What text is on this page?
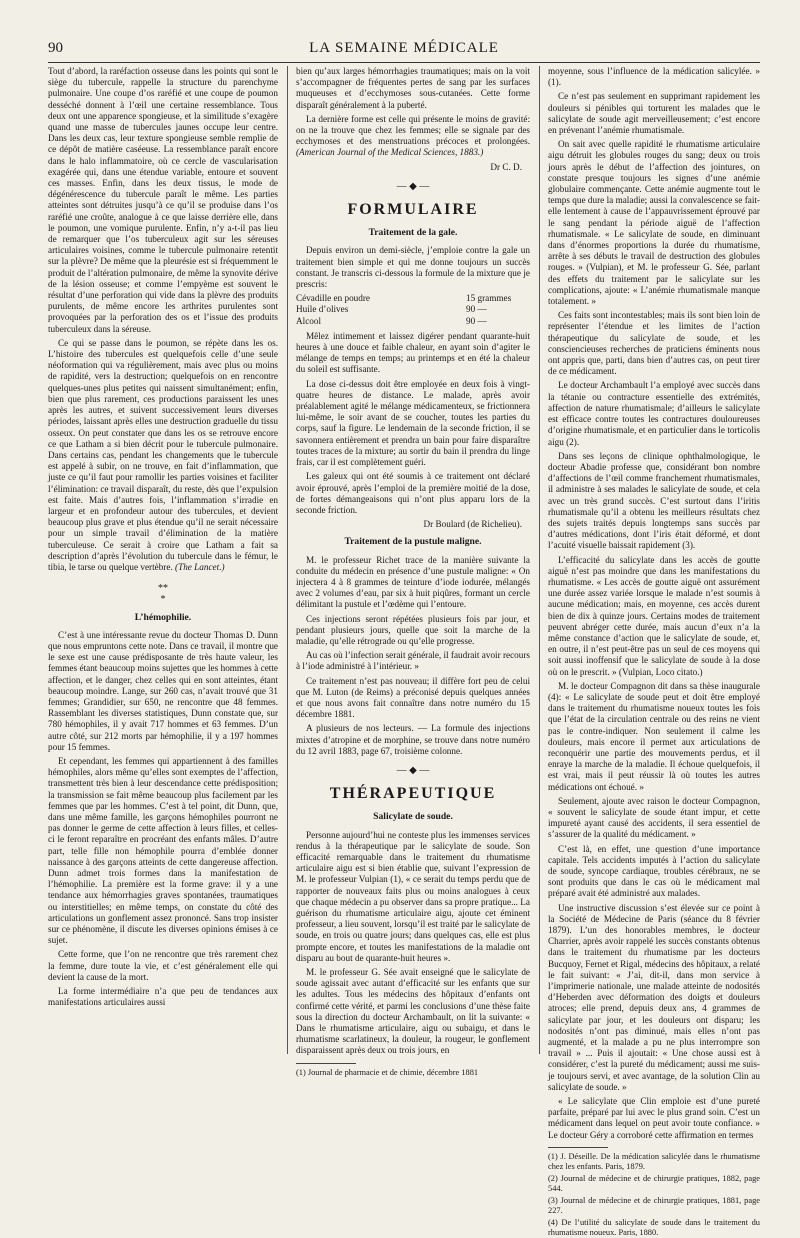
90	LA SEMAINE MÉDICALE

Tout d’abord, la raréfaction osseuse dans les points qui sont le siège du tubercule, rappelle la structure du parenchyme pulmonaire. Une coupe d’os raréfié et une coupe de poumon desséché donnent à l’œil une certaine ressemblance. Tous deux ont une apparence spongieuse, et la similitude s’exagère quand une masse de tubercules jaunes occupe leur centre. Dans les deux cas, leur texture spongieuse semble remplie de ce dépôt de matière caséeuse. La ressemblance paraît encore dans le halo inflammatoire, où ce cercle de vascularisation exagérée qui, dans une étendue variable, entoure et souvent ces masses. Enfin, dans les deux tissus, le mode de dégénérescence du tubercule paraît le même. Les parties atteintes sont détruites jusqu’à ce qu’il se produise dans l’os raréfié une croûte, analogue à ce que laisse derrière elle, dans le poumon, une vomique purulente. Enfin, n’y a-t-il pas lieu de remarquer que l’os tuberculeux agit sur les séreuses articulaires voisines, comme le tubercule pulmonaire retentit sur la plèvre? De même que la pleurésie est si fréquemment le produit de l’altération pulmonaire, de même la synovite dérive de la lésion osseuse; et comme l’empyème est souvent le résultat d’une perforation qui vide dans la plèvre des produits purulents, de même encore les arthrites purulentes sont provoquées par la perforation des os et l’issue des produits tuberculeux dans la séreuse.

Ce qui se passe dans le poumon, se répète dans les os. L’histoire des tubercules est quelquefois celle d’une seule néoformation qui va régulièrement, mais avec plus ou moins de rapidité, vers la destruction; quelquefois on en rencontre quelques-unes plus petites qui naissent simultanément; enfin, bien que plus rarement, ces productions paraissent les unes après les autres, et suivent successivement leurs diverses périodes, laissant après elles une destruction graduelle du tissu osseux. On peut constater que dans les os se retrouve encore ce que Latham a si bien décrit pour le tubercule pulmonaire. Dans certains cas, pendant les changements que le tubercule est appelé à subir, on ne trouve, en fait d’inflammation, que juste ce qu’il faut pour ramollir les parties voisines et faciliter l’élimination: ce travail disparaît, du reste, dès que l’expulsion est faite. Mais d’autres fois, l’inflammation s’irradie en largeur et en profondeur autour des tubercules, et devient beaucoup plus grave et plus étendue qu’il ne serait nécessaire pour un simple travail d’élimination de la matière tuberculeuse. Ce serait à croire que Latham a fait sa description d’après l’évolution du tubercule dans le fémur, le tibia, le tarse ou quelque vertèbre. (The Lancet.)

**
*
L’hémophilie.

C’est à une intéressante revue du docteur Thomas D. Dunn que nous empruntons cette note. Dans ce travail, il montre que le sexe est une cause prédisposante de très haute valeur, les femmes étant beaucoup moins sujettes que les hommes à cette affection, et le danger, chez celles qui en sont atteintes, étant beaucoup moindre. Lange, sur 260 cas, n’avait trouvé que 31 femmes; Grandidier, sur 650, ne rencontre que 48 femmes. Rassemblant les diverses statistiques, Dunn constate que, sur 780 hémophiles, il y avait 717 hommes et 63 femmes. D’un autre côté, sur 212 morts par hémophilie, il y a 197 hommes pour 15 femmes.

Et cependant, les femmes qui appartiennent à des familles hémophiles, alors même qu’elles sont exemptes de l’affection, transmettent très bien à leur descendance cette prédisposition; la transmission se fait même beaucoup plus facilement par les femmes que par les hommes. C’est à tel point, dit Dunn, que, dans une même famille, les garçons hémophiles pourront ne pas donner le germe de cette affection à leurs filles, et celles-ci le feront reparaître en procréant des enfants mâles. D’autre part, telle fille non hémophile pourra d’emblée donner naissance à des garçons atteints de cette dangereuse affection. Dunn admet trois formes dans la manifestation de l’hémophilie. La première est la forme grave: il y a une tendance aux hémorrhagies graves spontanées, traumatiques ou interstitielles; en même temps, on constate du côté des articulations un gonflement assez prononcé. Sans trop insister sur ce phénomène, il discute les diverses opinions émises à ce sujet.

Cette forme, que l’on ne rencontre que très rarement chez la femme, dure toute la vie, et c’est généralement elle qui devient la cause de la mort.

La forme intermédiaire n’a que peu de tendances aux manifestations articulaires aussi

bien qu’aux larges hémorrhagies traumatiques; mais on la voit s’accompagner de fréquentes pertes de sang par les surfaces muqueuses et d’ecchymoses sous-cutanées. Cette forme disparaît généralement à la puberté.

La dernière forme est celle qui présente le moins de gravité: on ne la trouve que chez les femmes; elle se signale par des ecchymoses et des menstruations précoces et prolongées. (American Journal of the Medical Sciences, 1883.)

Dr C. D.
— ◆ —
FORMULAIRE
Traitement de la gale.

Depuis environ un demi-siècle, j’emploie contre la gale un traitement bien simple et qui me donne toujours un succès constant. Je transcris ci-dessous la formule de la mixture que je prescris:

Cévadille en poudre	15 grammes
Huile d’olives	90 —
Alcool	90 —

Mêlez intimement et laissez digérer pendant quarante-huit heures à une douce et faible chaleur, en ayant soin d’agiter le mélange de temps en temps; au printemps et en été la chaleur du soleil est suffisante.

La dose ci-dessus doit être employée en deux fois à vingt-quatre heures de distance. Le malade, après avoir préalablement agité le mélange médicamenteux, se frictionnera lui-même, le soir avant de se coucher, toutes les parties du corps, sauf la figure. Le lendemain de la seconde friction, il se savonnera entièrement et prendra un bain pour faire disparaître toutes traces de la mixture; au sortir du bain il prendra du linge frais, car il est complètement guéri.

Les galeux qui ont été soumis à ce traitement ont déclaré avoir éprouvé, après l’emploi de la première moitié de la dose, de fortes démangeaisons qui n’ont plus apparu lors de la seconde friction.

Dr Boulard (de Richelieu).
Traitement de la pustule maligne.

M. le professeur Richet trace de la manière suivante la conduite du médecin en présence d’une pustule maligne: « On injectera 4 à 8 grammes de teinture d’iode iodurée, mélangés avec 2 volumes d’eau, par six à huit piqûres, formant un cercle délimitant la pustule et l’œdème qui l’entoure.

Ces injections seront répétées plusieurs fois par jour, et pendant plusieurs jours, quelle que soit la marche de la maladie, qu’elle rétrograde ou qu’elle progresse.

Au cas où l’infection serait générale, il faudrait avoir recours à l’iode administré à l’intérieur. »

Ce traitement n’est pas nouveau; il diffère fort peu de celui que M. Luton (de Reims) a préconisé depuis quelques années et que nous avons fait connaître dans notre numéro du 15 décembre 1881.

A plusieurs de nos lecteurs. — La formule des injections mixtes d’atropine et de morphine, se trouve dans notre numéro du 12 avril 1883, page 67, troisième colonne.

— ◆ —
THÉRAPEUTIQUE
Salicylate de soude.

Personne aujourd’hui ne conteste plus les immenses services rendus à la thérapeutique par le salicylate de soude. Son efficacité remarquable dans le traitement du rhumatisme articulaire aigu est si bien établie que, suivant l’expression de M. le professeur Vulpian (1), « ce serait du temps perdu que de rapporter de nouveaux faits plus ou moins analogues à ceux que chaque médecin a pu observer dans sa propre pratique... La guérison du rhumatisme articulaire aigu, ajoute cet éminent professeur, a lieu souvent, lorsqu’il est traité par le salicylate de soude, en trois ou quatre jours; dans quelques cas, elle est plus prompte encore, et toutes les manifestations de la maladie ont disparu au bout de quarante-huit heures ».

M. le professeur G. Sée avait enseigné que le salicylate de soude agissait avec autant d’efficacité sur les enfants que sur les adultes. Tous les médecins des hôpitaux d’enfants ont confirmé cette vérité, et parmi les conclusions d’une thèse faite sous la direction du docteur Archambault, on lit la suivante: « Dans le rhumatisme articulaire, aigu ou subaigu, et dans le rhumatisme scarlatineux, la douleur, la rougeur, le gonflement disparaissent après deux ou trois jours, en

(1) Journal de pharmacie et de chimie, décembre 1881

moyenne, sous l’influence de la médication salicylée. » (1).

Ce n’est pas seulement en supprimant rapidement les douleurs si pénibles qui torturent les malades que le salicylate de soude agit merveilleusement; c’est encore en prévenant l’anémie rhumatismale.

On sait avec quelle rapidité le rhumatisme articulaire aigu détruit les globules rouges du sang; deux ou trois jours après le début de l’affection des jointures, on constate presque toujours les signes d’une anémie globulaire commençante. Cette anémie augmente tout le temps que dure la maladie; aussi la convalescence se fait-elle lentement à cause de l’appauvrissement éprouvé par le sang pendant la période aiguë de l’affection rhumatismale. « Le salicylate de soude, en diminuant dans d’énormes proportions la durée du rhumatisme, arrête à ses débuts le travail de destruction des globules rouges. » (Vulpian), et M. le professeur G. Sée, parlant des effets du traitement par le salicylate sur les complications, ajoute: « L’anémie rhumatismale manque totalement. »

Ces faits sont incontestables; mais ils sont bien loin de représenter l’étendue et les limites de l’action thérapeutique du salicylate de soude, et les consciencieuses recherches de praticiens éminents nous ont appris que, parti, dans bien d’autres cas, on peut tirer de ce médicament.

Le docteur Archambault l’a employé avec succès dans la tétanie ou contracture essentielle des extrémités, affection de nature rhumatismale; d’ailleurs le salicylate est efficace contre toutes les contractures douloureuses d’origine rhumatismale, et en particulier dans le torticolis aigu (2).

Dans ses leçons de clinique ophthalmologique, le docteur Abadie professe que, considérant bon nombre d’affections de l’œil comme franchement rhumatismales, il administre à ses malades le salicylate de soude, et cela avec un très grand succès. C’est surtout dans l’iritis rhumatismale qu’il a obtenu les meilleurs résultats chez des sujets traités depuis longtemps sans succès par d’autres médications, dont l’iris était déformé, et dont l’acuité visuelle baissait rapidement (3).

L’efficacité du salicylate dans les accès de goutte aiguë n’est pas moindre que dans les manifestations du rhumatisme. « Les accès de goutte aiguë ont assurément une durée assez variée lorsque le malade n’est soumis à aucune médication; mais, en moyenne, ces accès durent bien de dix à quinze jours. Certains modes de traitement peuvent abréger cette durée, mais aucun d’eux n’a la même constance d’action que le salicylate de soude, et, en outre, il n’est peut-être pas un seul de ces moyens qui soit aussi inoffensif que le salicylate de soude à la dose où on le prescrit. » (Vulpian, Loco citato.)

M. le docteur Compagnon dit dans sa thèse inaugurale (4): « Le salicylate de soude peut et doit être employé dans le traitement du rhumatisme noueux toutes les fois que l’état de la circulation centrale ou des reins ne vient pas le contre-indiquer. Non seulement il calme les douleurs, mais encore il permet aux articulations de reconquérir une partie des mouvements perdus, et il enraye la marche de la maladie. Il échoue quelquefois, il est vrai, mais il peut réussir là où toutes les autres médications ont échoué. »

Seulement, ajoute avec raison le docteur Compagnon, « souvent le salicylate de soude étant impur, et cette impureté ayant causé des accidents, il sera essentiel de s’assurer de la qualité du médicament. »

C’est là, en effet, une question d’une importance capitale. Tels accidents imputés à l’action du salicylate de soude, syncope cardiaque, troubles cérébraux, ne se sont produits que dans le cas où le médicament mal préparé avait été administré aux malades.

Une instructive discussion s’est élevée sur ce point à la Société de Médecine de Paris (séance du 8 février 1879). L’un des honorables membres, le docteur Charrier, après avoir rappelé les succès constants obtenus dans le traitement du rhumatisme par les docteurs Bucquoy, Fernet et Rigal, médecins des hôpitaux, a relaté le fait suivant: « J’ai, dit-il, dans mon service à l’imprimerie nationale, une malade atteinte de nodosités d’Heberden avec déformation des doigts et douleurs atroces; elle prend, depuis deux ans, 4 grammes de salicylate par jour, et les douleurs ont disparu; les nodosités n’ont pas diminué, mais elles n’ont pas augmenté, et la malade a pu ne plus interrompre son travail » ... Puis il ajoutait: « Une chose aussi est à considérer, c’est la pureté du médicament; aussi me suis-je toujours servi, et avec avantage, de la solution Clin au salicylate de soude. »

« Le salicylate que Clin emploie est d’une pureté parfaite, préparé par lui avec le plus grand soin. C’est un médicament dans lequel on peut avoir toute confiance. » Le docteur Géry a corroboré cette affirmation en termes

(1) J. Déseille. De la médication salicylée dans le rhumatisme chez les enfants. Paris, 1879.

(2) Journal de médecine et de chirurgie pratiques, 1882, page 544.

(3) Journal de médecine et de chirurgie pratiques, 1881, page 227.

(4) De l’utilité du salicylate de soude dans le traitement du rhumatisme noueux. Paris, 1880.
